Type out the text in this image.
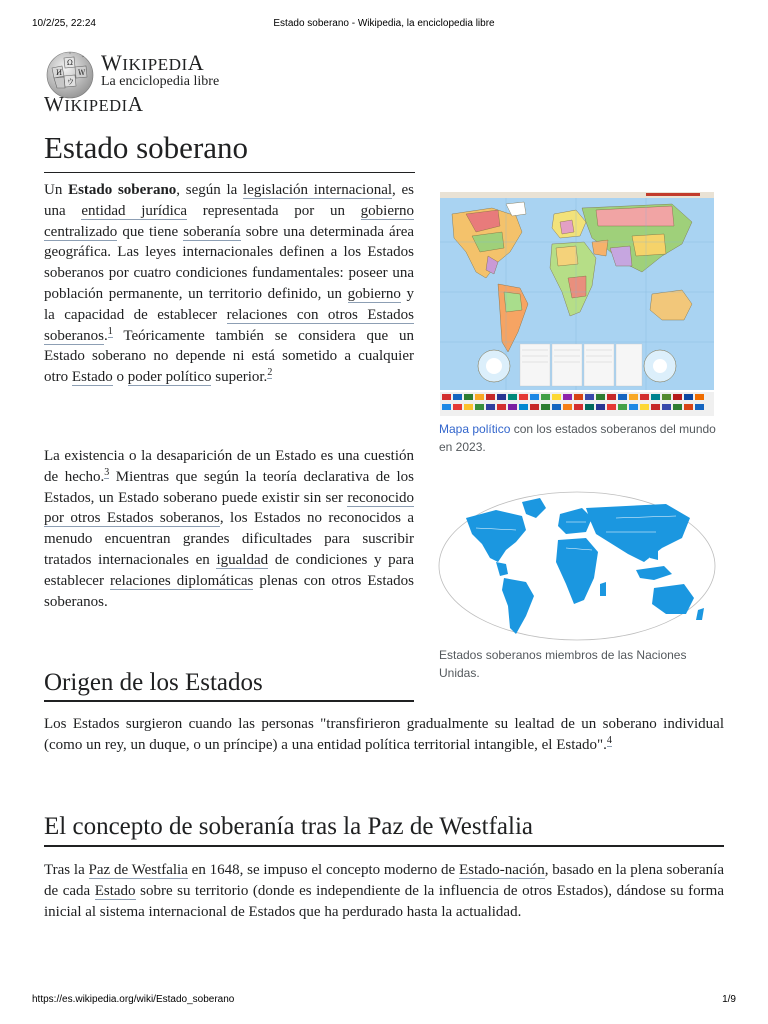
10/2/25, 22:24	Estado soberano - Wikipedia, la enciclopedia libre
Ω
W
ウ
И WIKIPEDIA
La enciclopedia libre
WIKIPEDIA
Estado soberano

Un Estado soberano, según la legislación internacional, es una entidad jurídica representada por un gobierno centralizado que tiene soberanía sobre una determinada área geográfica. Las leyes internacionales definen a los Estados soberanos por cuatro condiciones fundamentales: poseer una población permanente, un territorio definido, un gobierno y la capacidad de establecer relaciones con otros Estados soberanos.$^1$ Teóricamente también se considera que un Estado soberano no depende ni está sometido a cualquier otro Estado o poder político superior.$^2$

La existencia o la desaparición de un Estado es una cuestión de hecho.$^3$ Mientras que según la teoría declarativa de los Estados, un Estado soberano puede existir sin ser reconocido por otros Estados soberanos, los Estados no reconocidos a menudo encuentran grandes dificultades para suscribir tratados internacionales en igualdad de condiciones y para establecer relaciones diplomáticas plenas con otros Estados soberanos.

Mapa político con los estados soberanos del mundo en 2023.
Estados soberanos miembros de las Naciones Unidas.
Origen de los Estados

Los Estados surgieron cuando las personas "transfirieron gradualmente su lealtad de un soberano individual (como un rey, un duque, o un príncipe) a una entidad política territorial intangible, el Estado".$^4$

El concepto de soberanía tras la Paz de Westfalia

Tras la Paz de Westfalia en 1648, se impuso el concepto moderno de Estado-nación, basado en la plena soberanía de cada Estado sobre su territorio (donde es independiente de la influencia de otros Estados), dándose su forma inicial al sistema internacional de Estados que ha perdurado hasta la actualidad.

https://es.wikipedia.org/wiki/Estado_soberano	1/9
